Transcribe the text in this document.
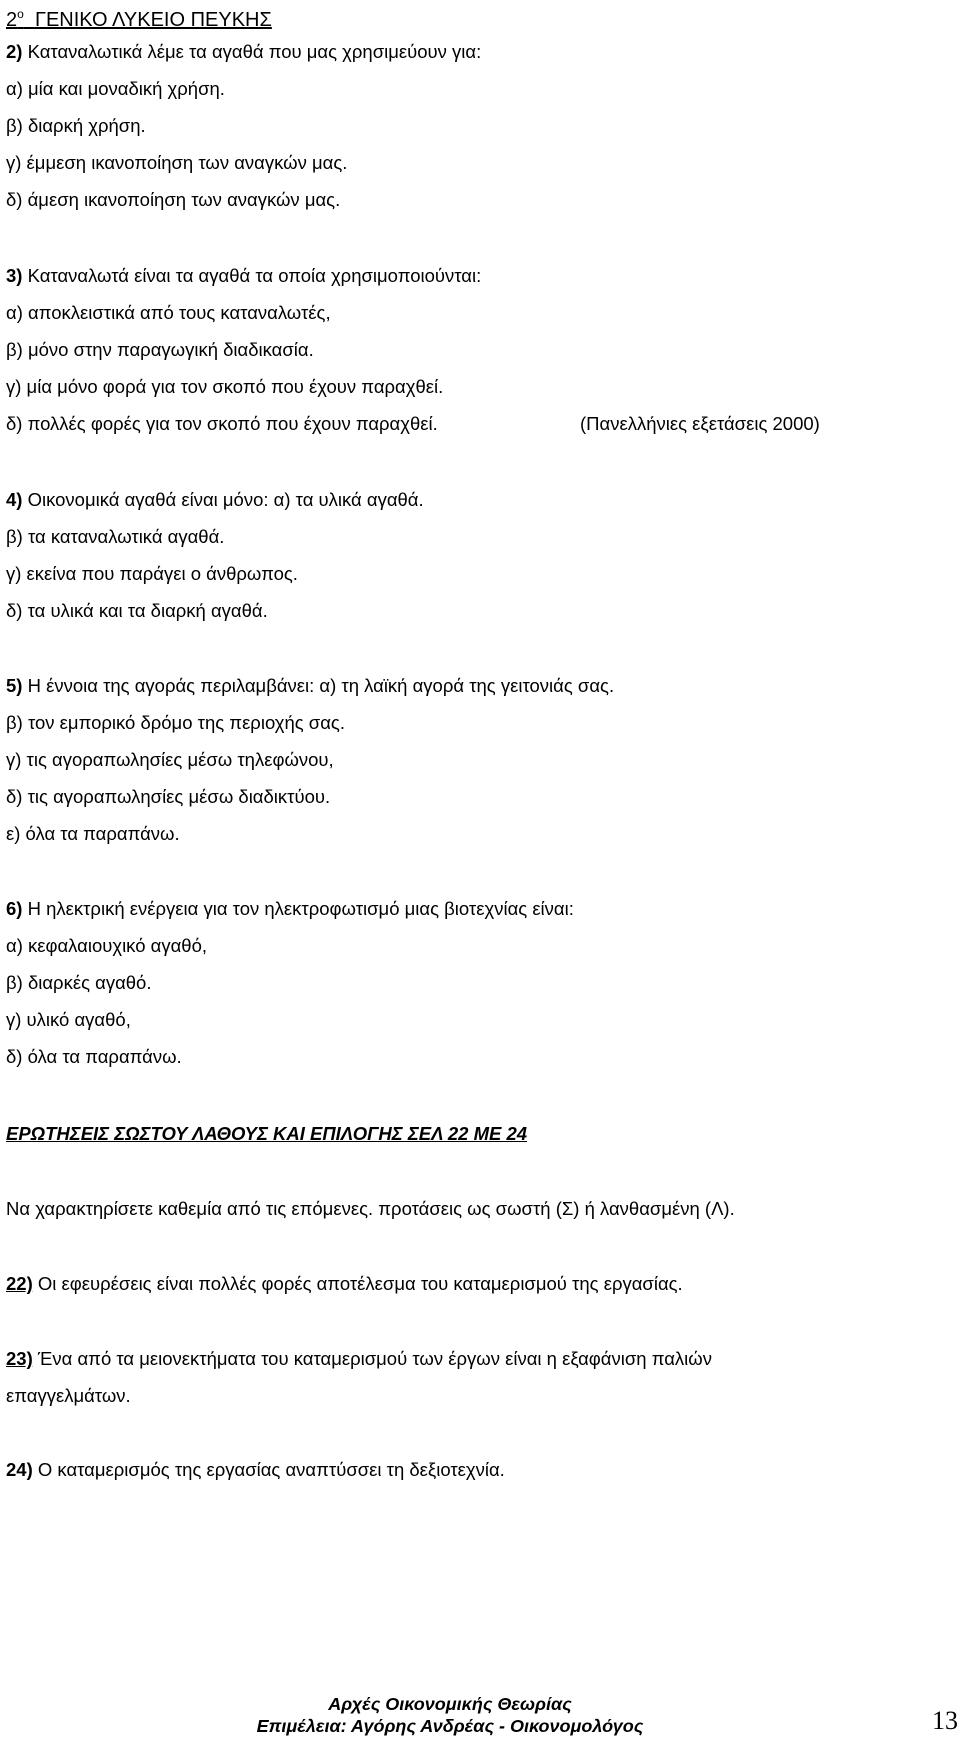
$2^o$ ΓΕΝΙΚΟ ΛΥΚΕΙΟ ΠΕΥΚΗΣ
2) Καταναλωτικά λέμε τα αγαθά που μας χρησιμεύουν για:
α) μία και μοναδική χρήση.
β) διαρκή χρήση.
γ) έμμεση ικανοποίηση των αναγκών μας.
δ) άμεση ικανοποίηση των αναγκών μας.
3) Καταναλωτά είναι τα αγαθά τα οποία χρησιμοποιούνται:
α) αποκλειστικά από τους καταναλωτές,
β) μόνο στην παραγωγική διαδικασία.
γ) μία μόνο φορά για τον σκοπό που έχουν παραχθεί.
δ) πολλές φορές για τον σκοπό που έχουν παραχθεί.	(Πανελλήνιες εξετάσεις 2000)
4) Οικονομικά αγαθά είναι μόνο: α) τα υλικά αγαθά.
β) τα καταναλωτικά αγαθά.
γ) εκείνα που παράγει ο άνθρωπος.
δ) τα υλικά και τα διαρκή αγαθά.
5) Η έννοια της αγοράς περιλαμβάνει: α) τη λαϊκή αγορά της γειτονιάς σας.
β) τον εμπορικό δρόμο της περιοχής σας.
γ) τις αγοραπωλησίες μέσω τηλεφώνου,
δ) τις αγοραπωλησίες μέσω διαδικτύου.
ε) όλα τα παραπάνω.
6) Η ηλεκτρική ενέργεια για τον ηλεκτροφωτισμό μιας βιοτεχνίας είναι:
α) κεφαλαιουχικό αγαθό,
β) διαρκές αγαθό.
γ) υλικό αγαθό,
δ) όλα τα παραπάνω.
ΕΡΩΤΗΣΕΙΣ ΣΩΣΤΟΥ ΛΑΘΟΥΣ ΚΑΙ ΕΠΙΛΟΓΗΣ ΣΕΛ 22 ΜΕ 24
Να χαρακτηρίσετε καθεμία από τις επόμενες. προτάσεις ως σωστή (Σ) ή λανθασμένη (Λ).
22) Οι εφευρέσεις είναι πολλές φορές αποτέλεσμα του καταμερισμού της εργασίας.
23) Ένα από τα μειονεκτήματα του καταμερισμού των έργων είναι η εξαφάνιση παλιών
επαγγελμάτων.
24) Ο καταμερισμός της εργασίας αναπτύσσει τη δεξιοτεχνία.
Αρχές Οικονομικής Θεωρίας
Επιμέλεια: Αγόρης Ανδρέας - Οικονομολόγος	13
